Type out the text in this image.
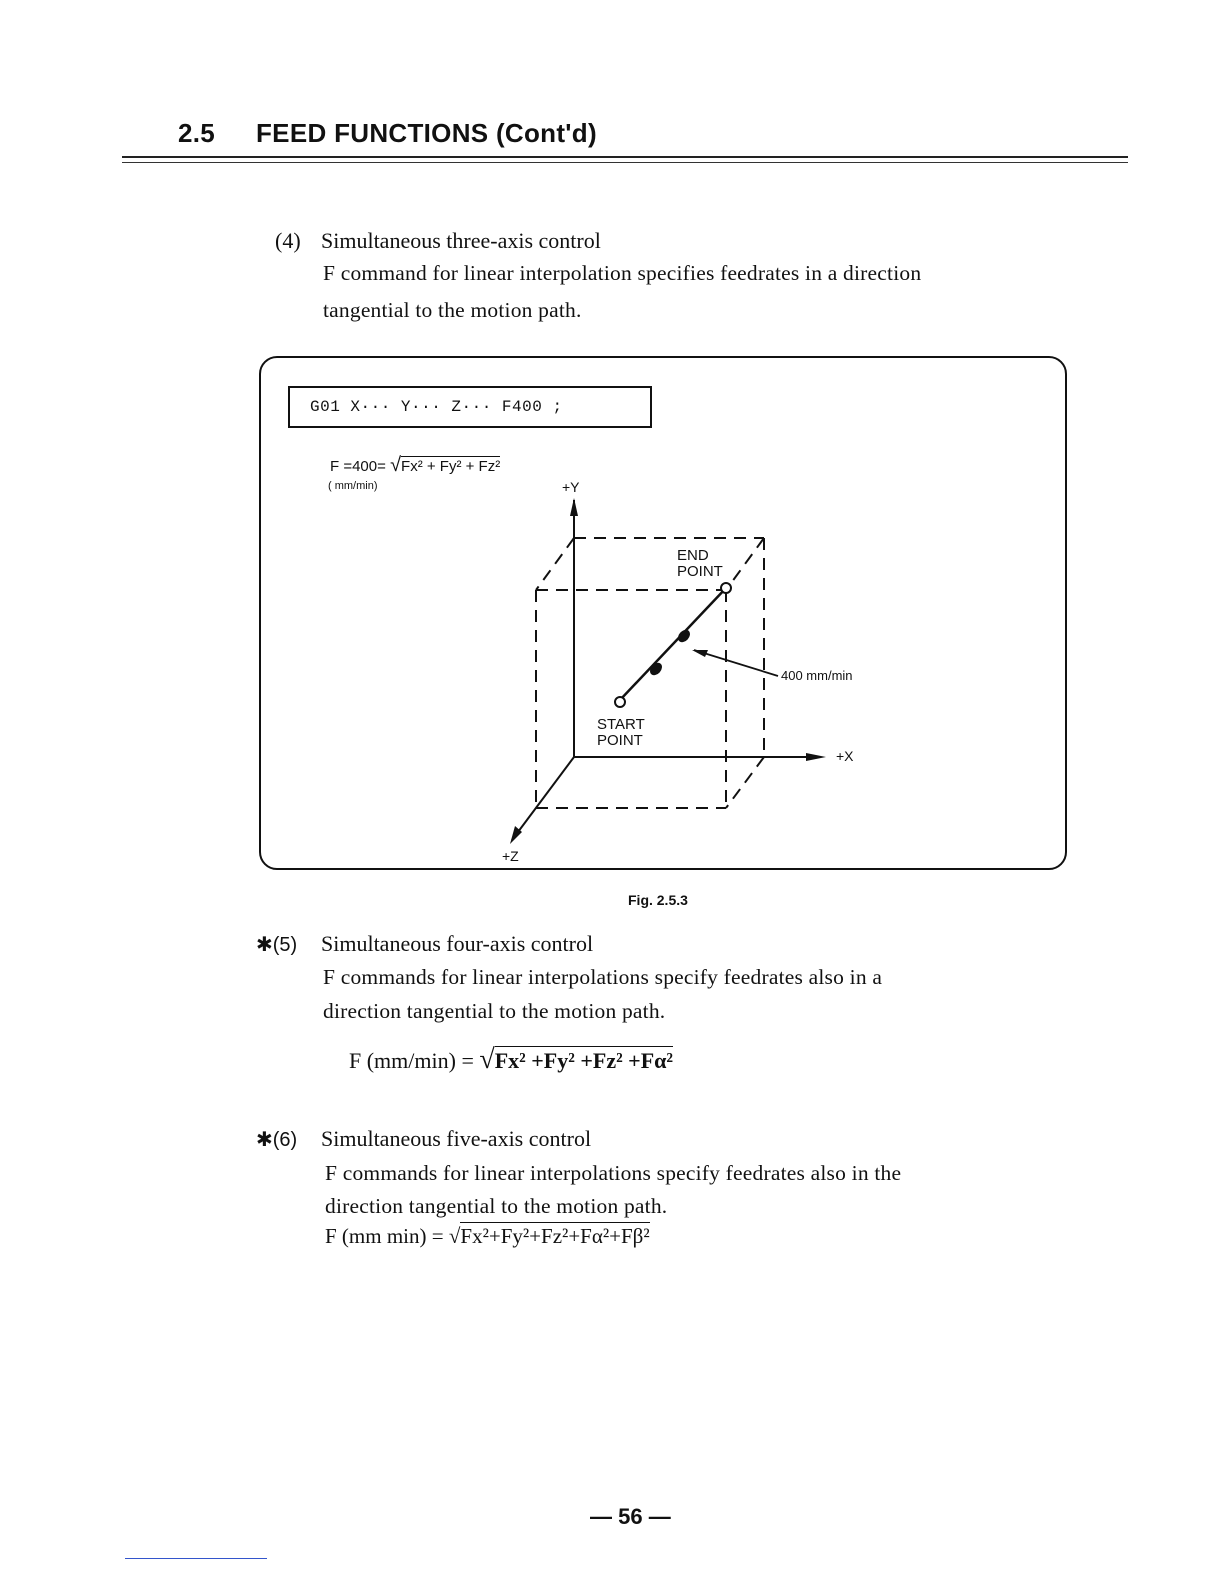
2.5 FEED FUNCTIONS (Cont'd)
(4) Simultaneous three-axis control
F command for linear interpolation specifies feedrates in a direction
tangential to the motion path.
G01 X··· Y··· Z··· F400 ;
F =400= √Fx² + Fy² + Fz²
( mm/min)
END
POINT
START
POINT
400 mm/min
+Y
+X
+Z
Fig. 2.5.3
✱(5) Simultaneous four-axis control
F commands for linear interpolations specify feedrates also in a
direction tangential to the motion path.
F (mm/min) = √Fx² +Fy² +Fz² +Fα²
✱(6) Simultaneous five-axis control
F commands for linear interpolations specify feedrates also in the
direction tangential to the motion path.
F (mm min) = √Fx²+Fy²+Fz²+Fα²+Fβ²
— 56 —
